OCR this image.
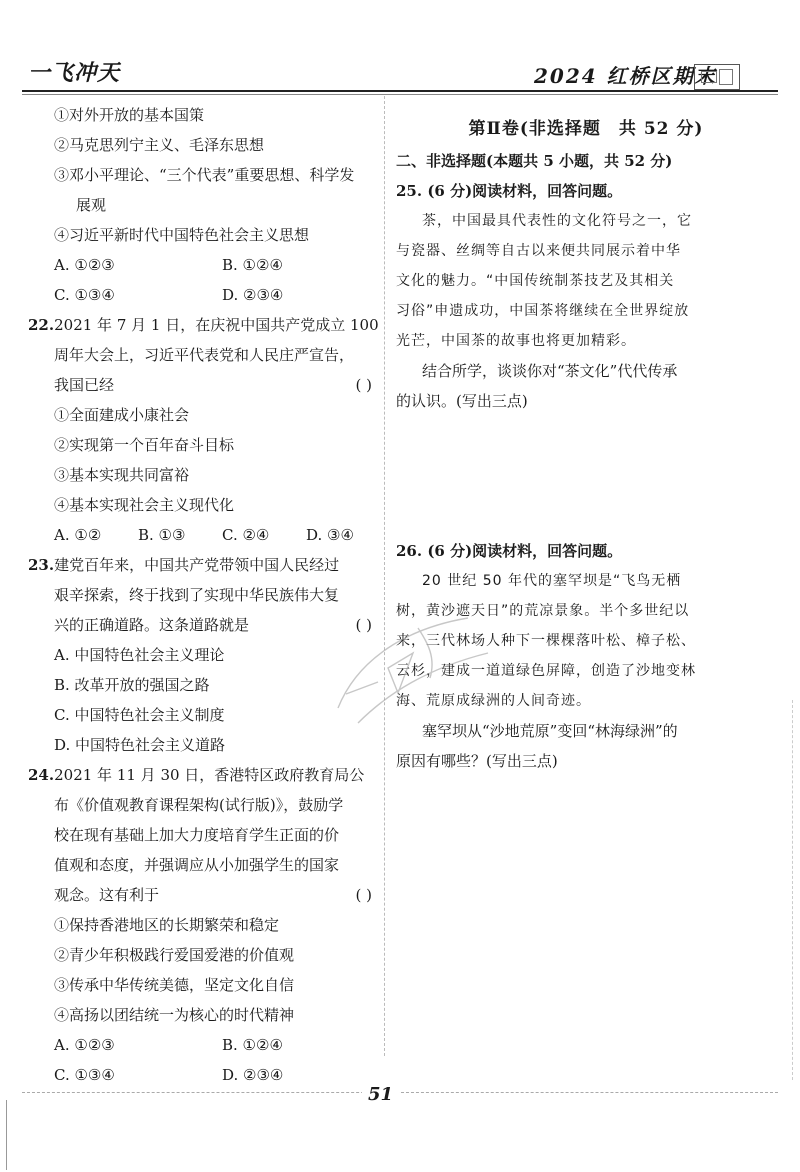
一飞冲天	2024 红桥区期末
①对外开放的基本国策
②马克思列宁主义、毛泽东思想
③邓小平理论、“三个代表”重要思想、科学发
展观
④习近平新时代中国特色社会主义思想
A. ①②③	B. ①②④
C. ①③④	D. ②③④
22.2021 年 7 月 1 日，在庆祝中国共产党成立 100
周年大会上，习近平代表党和人民庄严宣告，
我国已经	( )
①全面建成小康社会
②实现第一个百年奋斗目标
③基本实现共同富裕
④基本实现社会主义现代化
A. ①②	B. ①③	C. ②④	D. ③④
23.建党百年来，中国共产党带领中国人民经过
艰辛探索，终于找到了实现中华民族伟大复
兴的正确道路。这条道路就是	( )
A. 中国特色社会主义理论
B. 改革开放的强国之路
C. 中国特色社会主义制度
D. 中国特色社会主义道路
24.2021 年 11 月 30 日，香港特区政府教育局公
布《价值观教育课程架构(试行版)》，鼓励学
校在现有基础上加大力度培育学生正面的价
值观和态度，并强调应从小加强学生的国家
观念。这有利于	( )
①保持香港地区的长期繁荣和稳定
②青少年积极践行爱国爱港的价值观
③传承中华传统美德，坚定文化自信
④高扬以团结统一为核心的时代精神
A. ①②③	B. ①②④
C. ①③④	D. ②③④
第Ⅱ卷(非选择题　共 52 分)
二、非选择题(本题共 5 小题，共 52 分)
25. (6 分)阅读材料，回答问题。
茶，中国最具代表性的文化符号之一，它
与瓷器、丝绸等自古以来便共同展示着中华
文化的魅力。“中国传统制茶技艺及其相关
习俗”申遗成功，中国茶将继续在全世界绽放
光芒，中国茶的故事也将更加精彩。
结合所学，谈谈你对“茶文化”代代传承
的认识。(写出三点)
26. (6 分)阅读材料，回答问题。
20 世纪 50 年代的塞罕坝是“飞鸟无栖
树，黄沙遮天日”的荒凉景象。半个多世纪以
来，三代林场人种下一棵棵落叶松、樟子松、
云杉，建成一道道绿色屏障，创造了沙地变林
海、荒原成绿洲的人间奇迹。
塞罕坝从“沙地荒原”变回“林海绿洲”的
原因有哪些？(写出三点)
51
